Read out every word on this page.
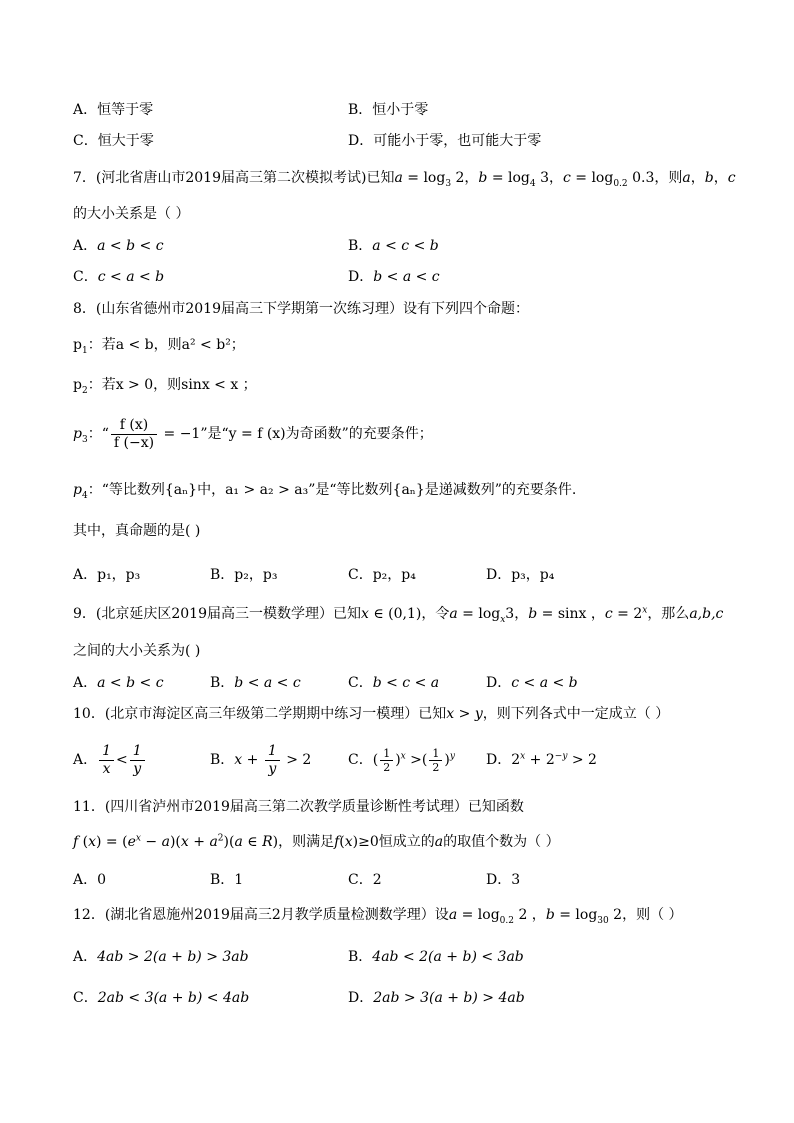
A．恒等于零	B．恒小于零
C．恒大于零	D．可能小于零，也可能大于零
7．(河北省唐山市2019届高三第二次模拟考试)已知$a = \log_3 2$，$b = \log_4 3$，$c = \log_{0.2} 0.3$，则a，b，c
的大小关系是（ ）
A．a < b < c	B．a < c < b
C．c < a < b	D．b < a < c
8．(山东省德州市2019届高三下学期第一次练习理）设有下列四个命题：
$p_1$：若a < b，则a² < b²；
$p_2$：若x > 0，则sinx < x ；
$p_3$：“ $\frac{f (x)}{f (-x)} = -1$”是“y = f (x)为奇函数”的充要条件；
$p_4$：“等比数列{aₙ}中，a₁ > a₂ > a₃”是“等比数列{aₙ}是递减数列”的充要条件.
其中，真命题的是( )
A．p₁，p₃	B．p₂，p₃	C．p₂，p₄	D．p₃，p₄
9．(北京延庆区2019届高三一模数学理）已知x ∈ (0,1)，令$a = \log_x3$，b = sinx ，$c = 2^x$，那么a,b,c
之间的大小关系为( )
A．a < b < c	B．b < a < c	C．b < c < a	D．c < a < b
10．(北京市海淀区高三年级第二学期期中练习一模理）已知x > y，则下列各式中一定成立（ ）
A． $\frac{1}{x} < \frac{1}{y}$	B．$x + \frac{1}{y} > 2$	C．( $\frac{1}{2} )^x$ >( $\frac{1}{2} )^y$ D．$2^x + 2^{-y} > 2$
11．(四川省泸州市2019届高三第二次教学质量诊断性考试理）已知函数
f $(x) = (e^x - a)(x + a^2)(a$ ∈ R)，则满足f(x)≥0恒成立的a的取值个数为（ ）
A．0	B．1	C．2	D．3
12．(湖北省恩施州2019届高三2月教学质量检测数学理）设$a = \log_{0.2} 2$ ，$b = \log_{30} 2$，则（ ）
A．4ab > 2(a + b) > 3ab	B．4ab < 2(a + b) < 3ab
C．2ab < 3(a + b) < 4ab	D．2ab > 3(a + b) > 4ab
